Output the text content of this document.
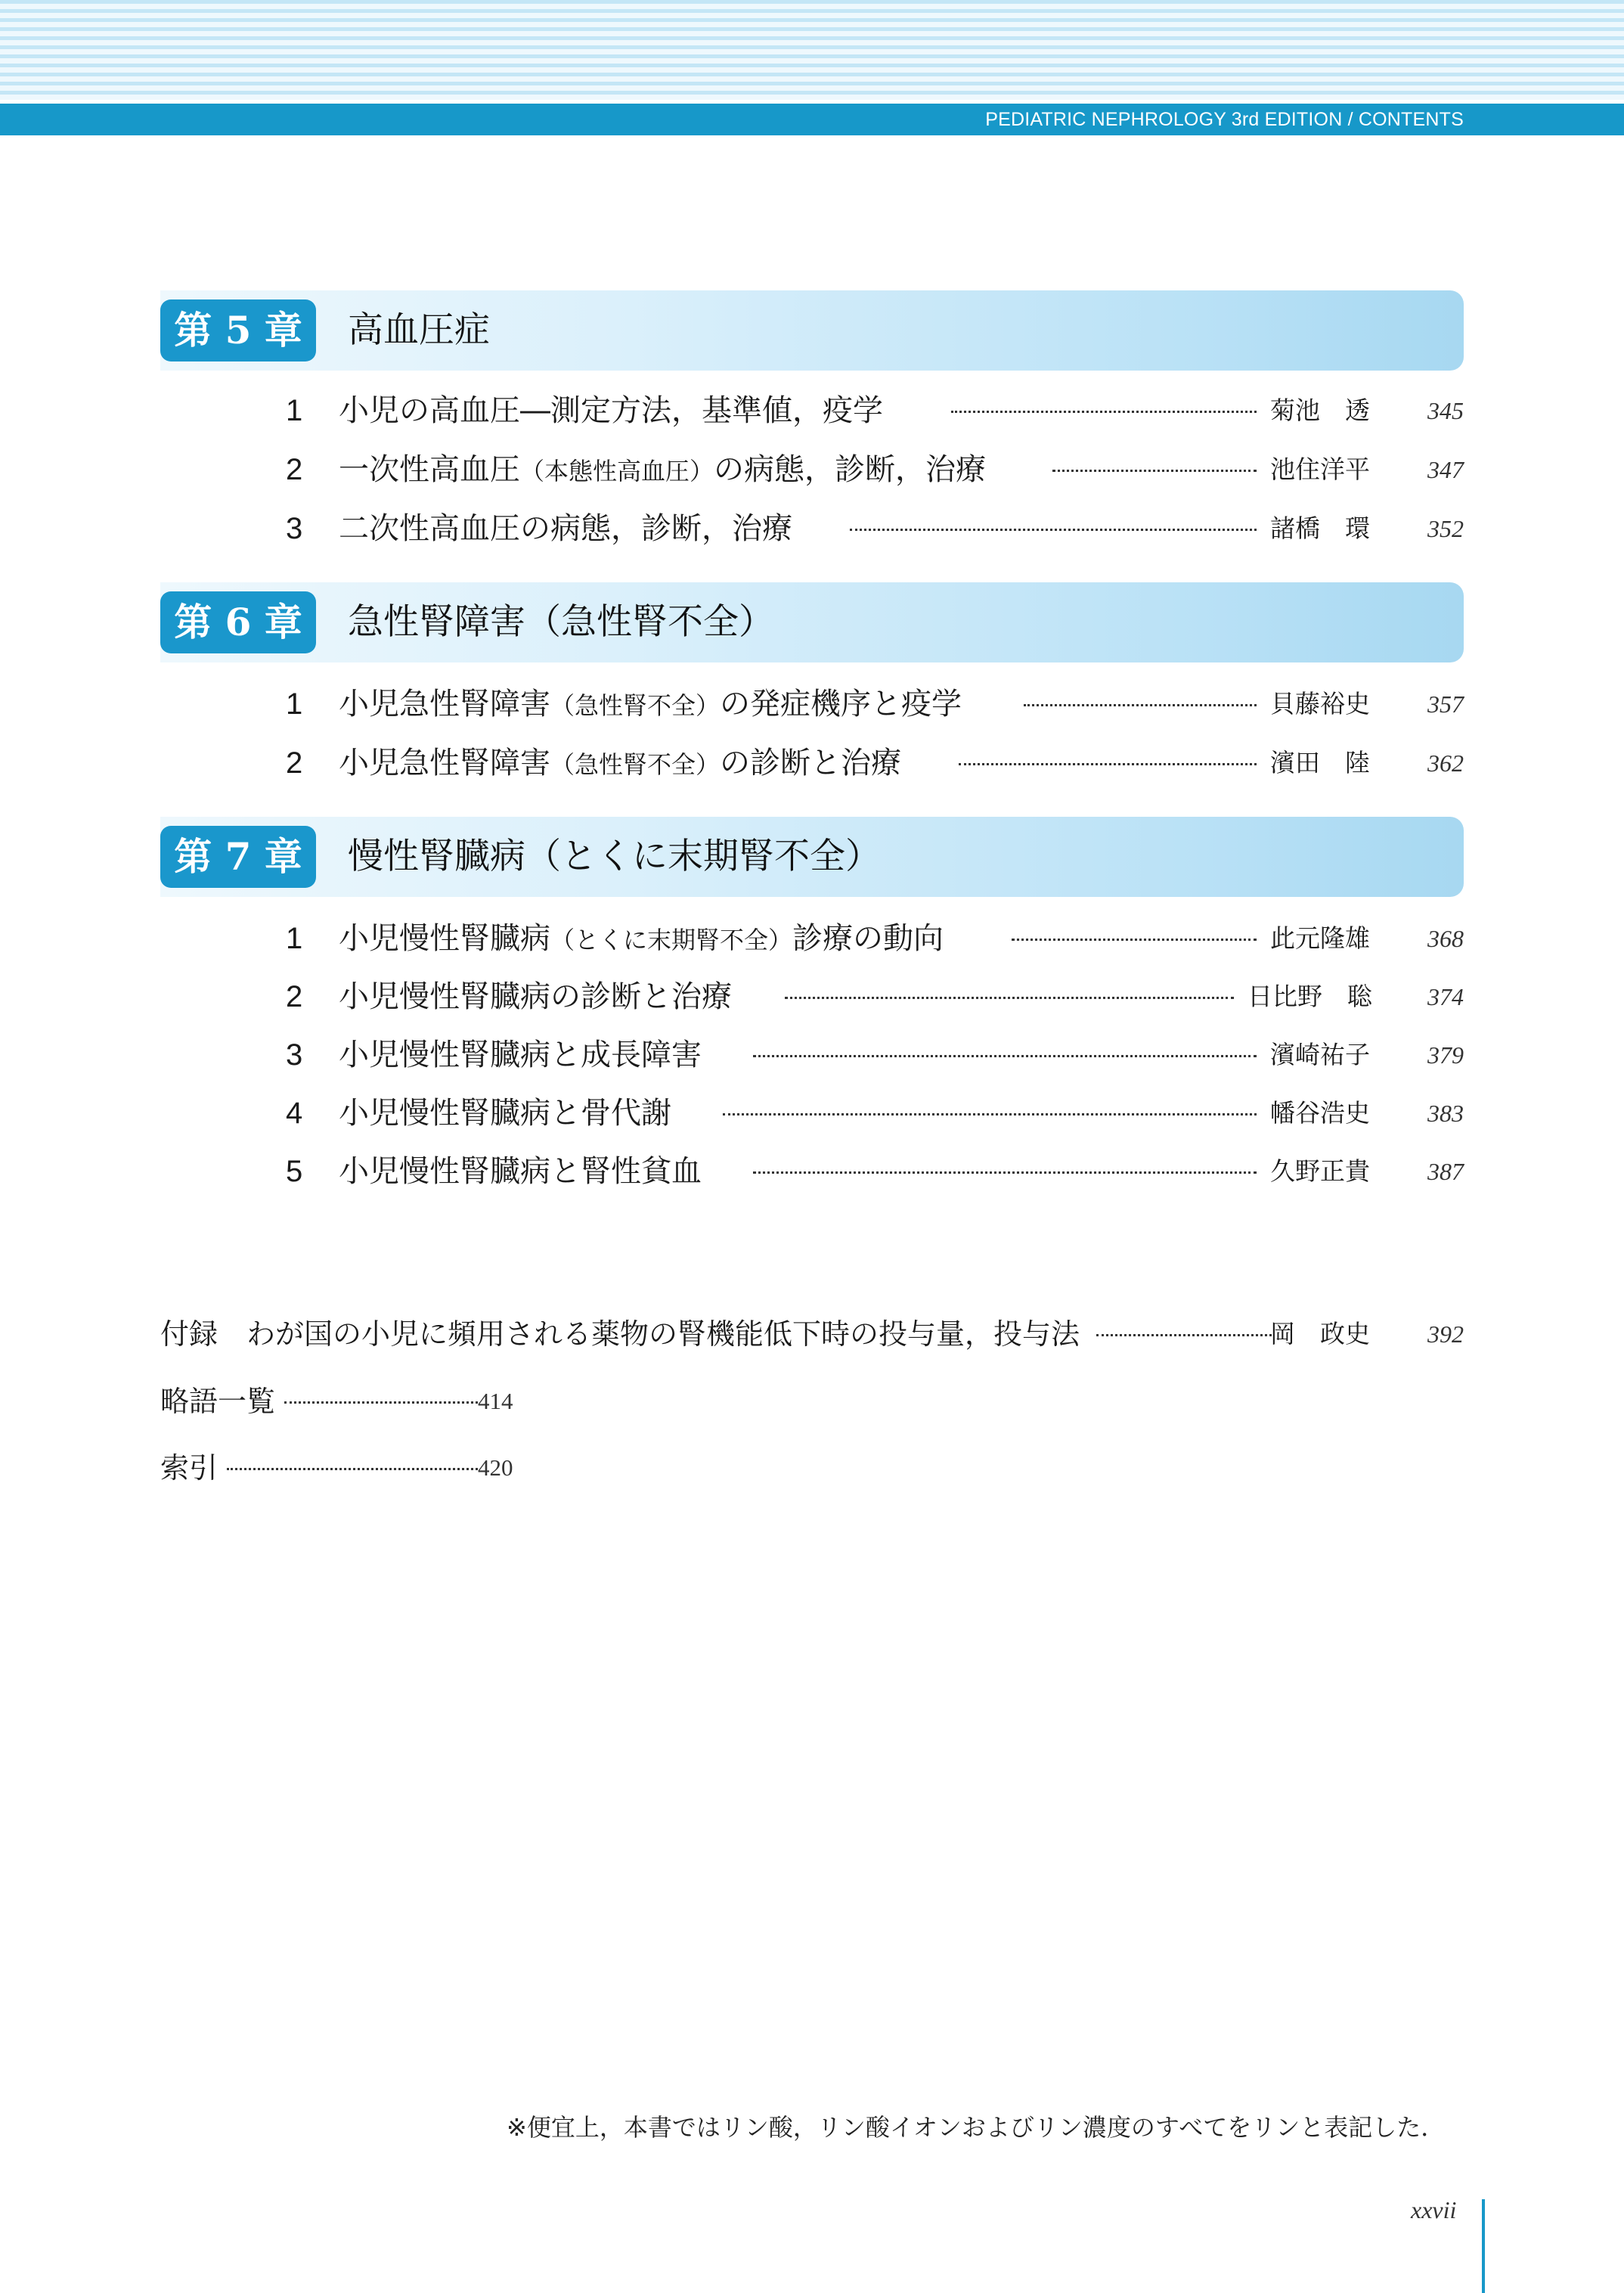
PEDIATRIC NEPHROLOGY 3rd EDITION / CONTENTS
第 5 章	高血圧症
1	小児の高血圧―測定方法，基準値，疫学	菊池　透 345
2	一次性高血圧（本態性高血圧）の病態，診断，治療	池住洋平 347
3	二次性高血圧の病態，診断，治療	諸橋　環 352
第 6 章	急性腎障害（急性腎不全）
1	小児急性腎障害（急性腎不全）の発症機序と疫学	貝藤裕史 357
2	小児急性腎障害（急性腎不全）の診断と治療	濱田　陸 362
第 7 章	慢性腎臓病（とくに末期腎不全）
1	小児慢性腎臓病（とくに末期腎不全）診療の動向	此元隆雄 368
2	小児慢性腎臓病の診断と治療	日比野　聡 374
3	小児慢性腎臓病と成長障害	濱崎祐子 379
4	小児慢性腎臓病と骨代謝	幡谷浩史 383
5	小児慢性腎臓病と腎性貧血	久野正貴 387
付録 わが国の小児に頻用される薬物の腎機能低下時の投与量，投与法	岡　政史 392
略語一覧	414
索引	420
※便宜上，本書ではリン酸，リン酸イオンおよびリン濃度のすべてをリンと表記した．
xxvii
